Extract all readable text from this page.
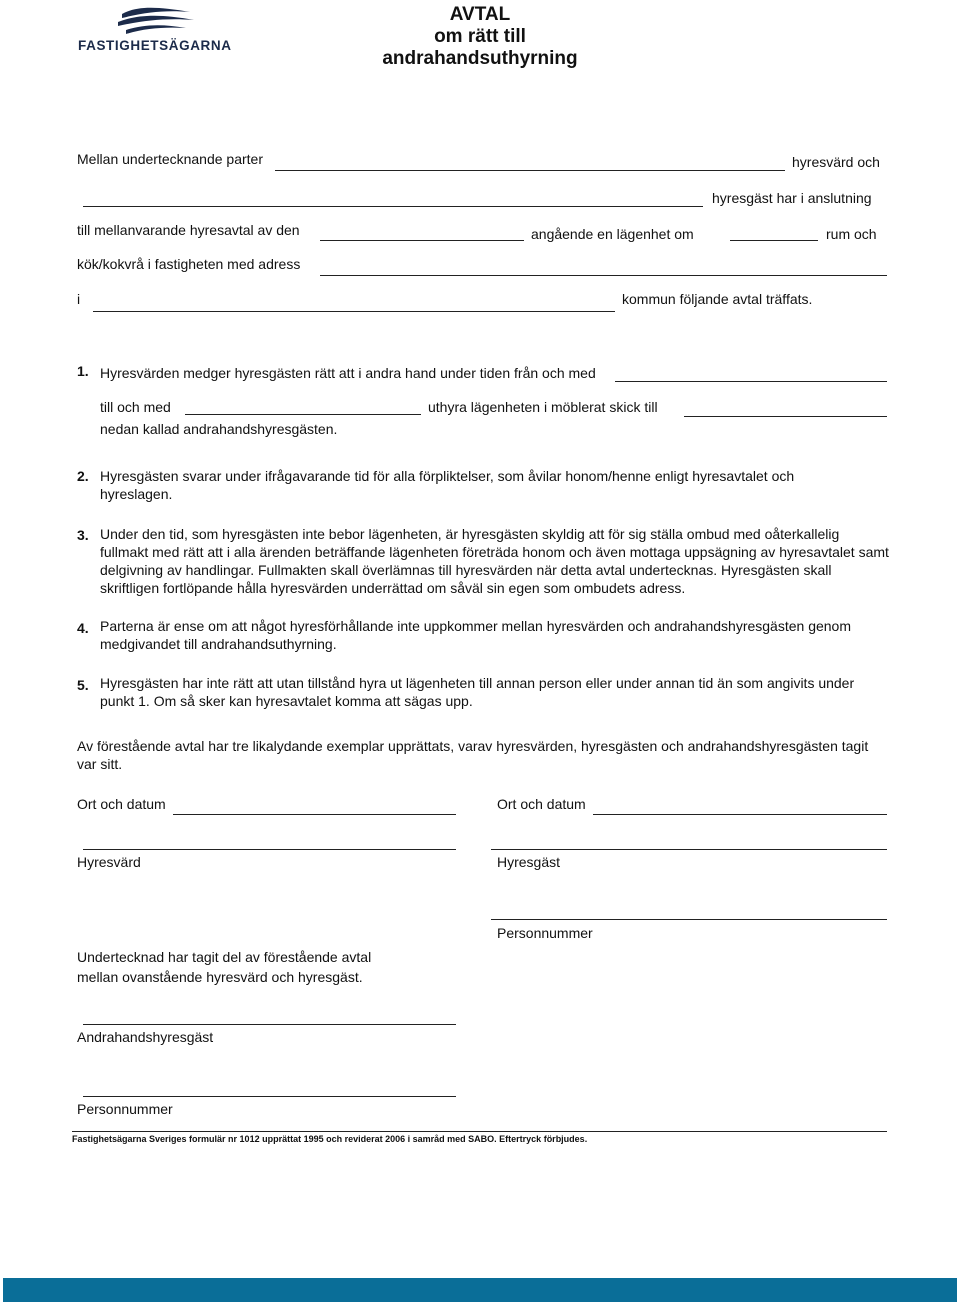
FASTIGHETSÄGARNA
AVTAL
om rätt till
andrahandsuthyrning
Mellan undertecknande parter	hyresvärd och
hyresgäst har i anslutning
till mellanvarande hyresavtal av den	angående en lägenhet om	rum och
kök/kokvrå i fastigheten med adress
i	kommun följande avtal träffats.
1. Hyresvärden medger hyresgästen rätt att i andra hand under tiden från och med
till och med	uthyra lägenheten i möblerat skick till
nedan kallad andrahandshyresgästen.
2. Hyresgästen svarar under ifrågavarande tid för alla förpliktelser, som åvilar honom/henne enligt hyresavtalet och hyreslagen.
3. Under den tid, som hyresgästen inte bebor lägenheten, är hyresgästen skyldig att för sig ställa ombud med oåterkallelig fullmakt med rätt att i alla ärenden beträffande lägenheten företräda honom och även mottaga uppsägning av hyresavtalet samt delgivning av handlingar. Fullmakten skall överlämnas till hyresvärden när detta avtal undertecknas. Hyresgästen skall skriftligen fortlöpande hålla hyresvärden underrättad om såväl sin egen som ombudets adress.
4. Parterna är ense om att något hyresförhållande inte uppkommer mellan hyresvärden och andrahandshyresgästen genom medgivandet till andrahandsuthyrning.
5. Hyresgästen har inte rätt att utan tillstånd hyra ut lägenheten till annan person eller under annan tid än som angivits under punkt 1. Om så sker kan hyresavtalet komma att sägas upp.
Av förestående avtal har tre likalydande exemplar upprättats, varav hyresvärden, hyresgästen och andrahandshyresgästen tagit var sitt.
Ort och datum	Ort och datum
Hyresvärd	Hyresgäst
Personnummer
Undertecknad har tagit del av förestående avtal
mellan ovanstående hyresvärd och hyresgäst.
Andrahandshyresgäst
Personnummer
Fastighetsägarna Sveriges formulär nr 1012 upprättat 1995 och reviderat 2006 i samråd med SABO. Eftertryck förbjudes.
